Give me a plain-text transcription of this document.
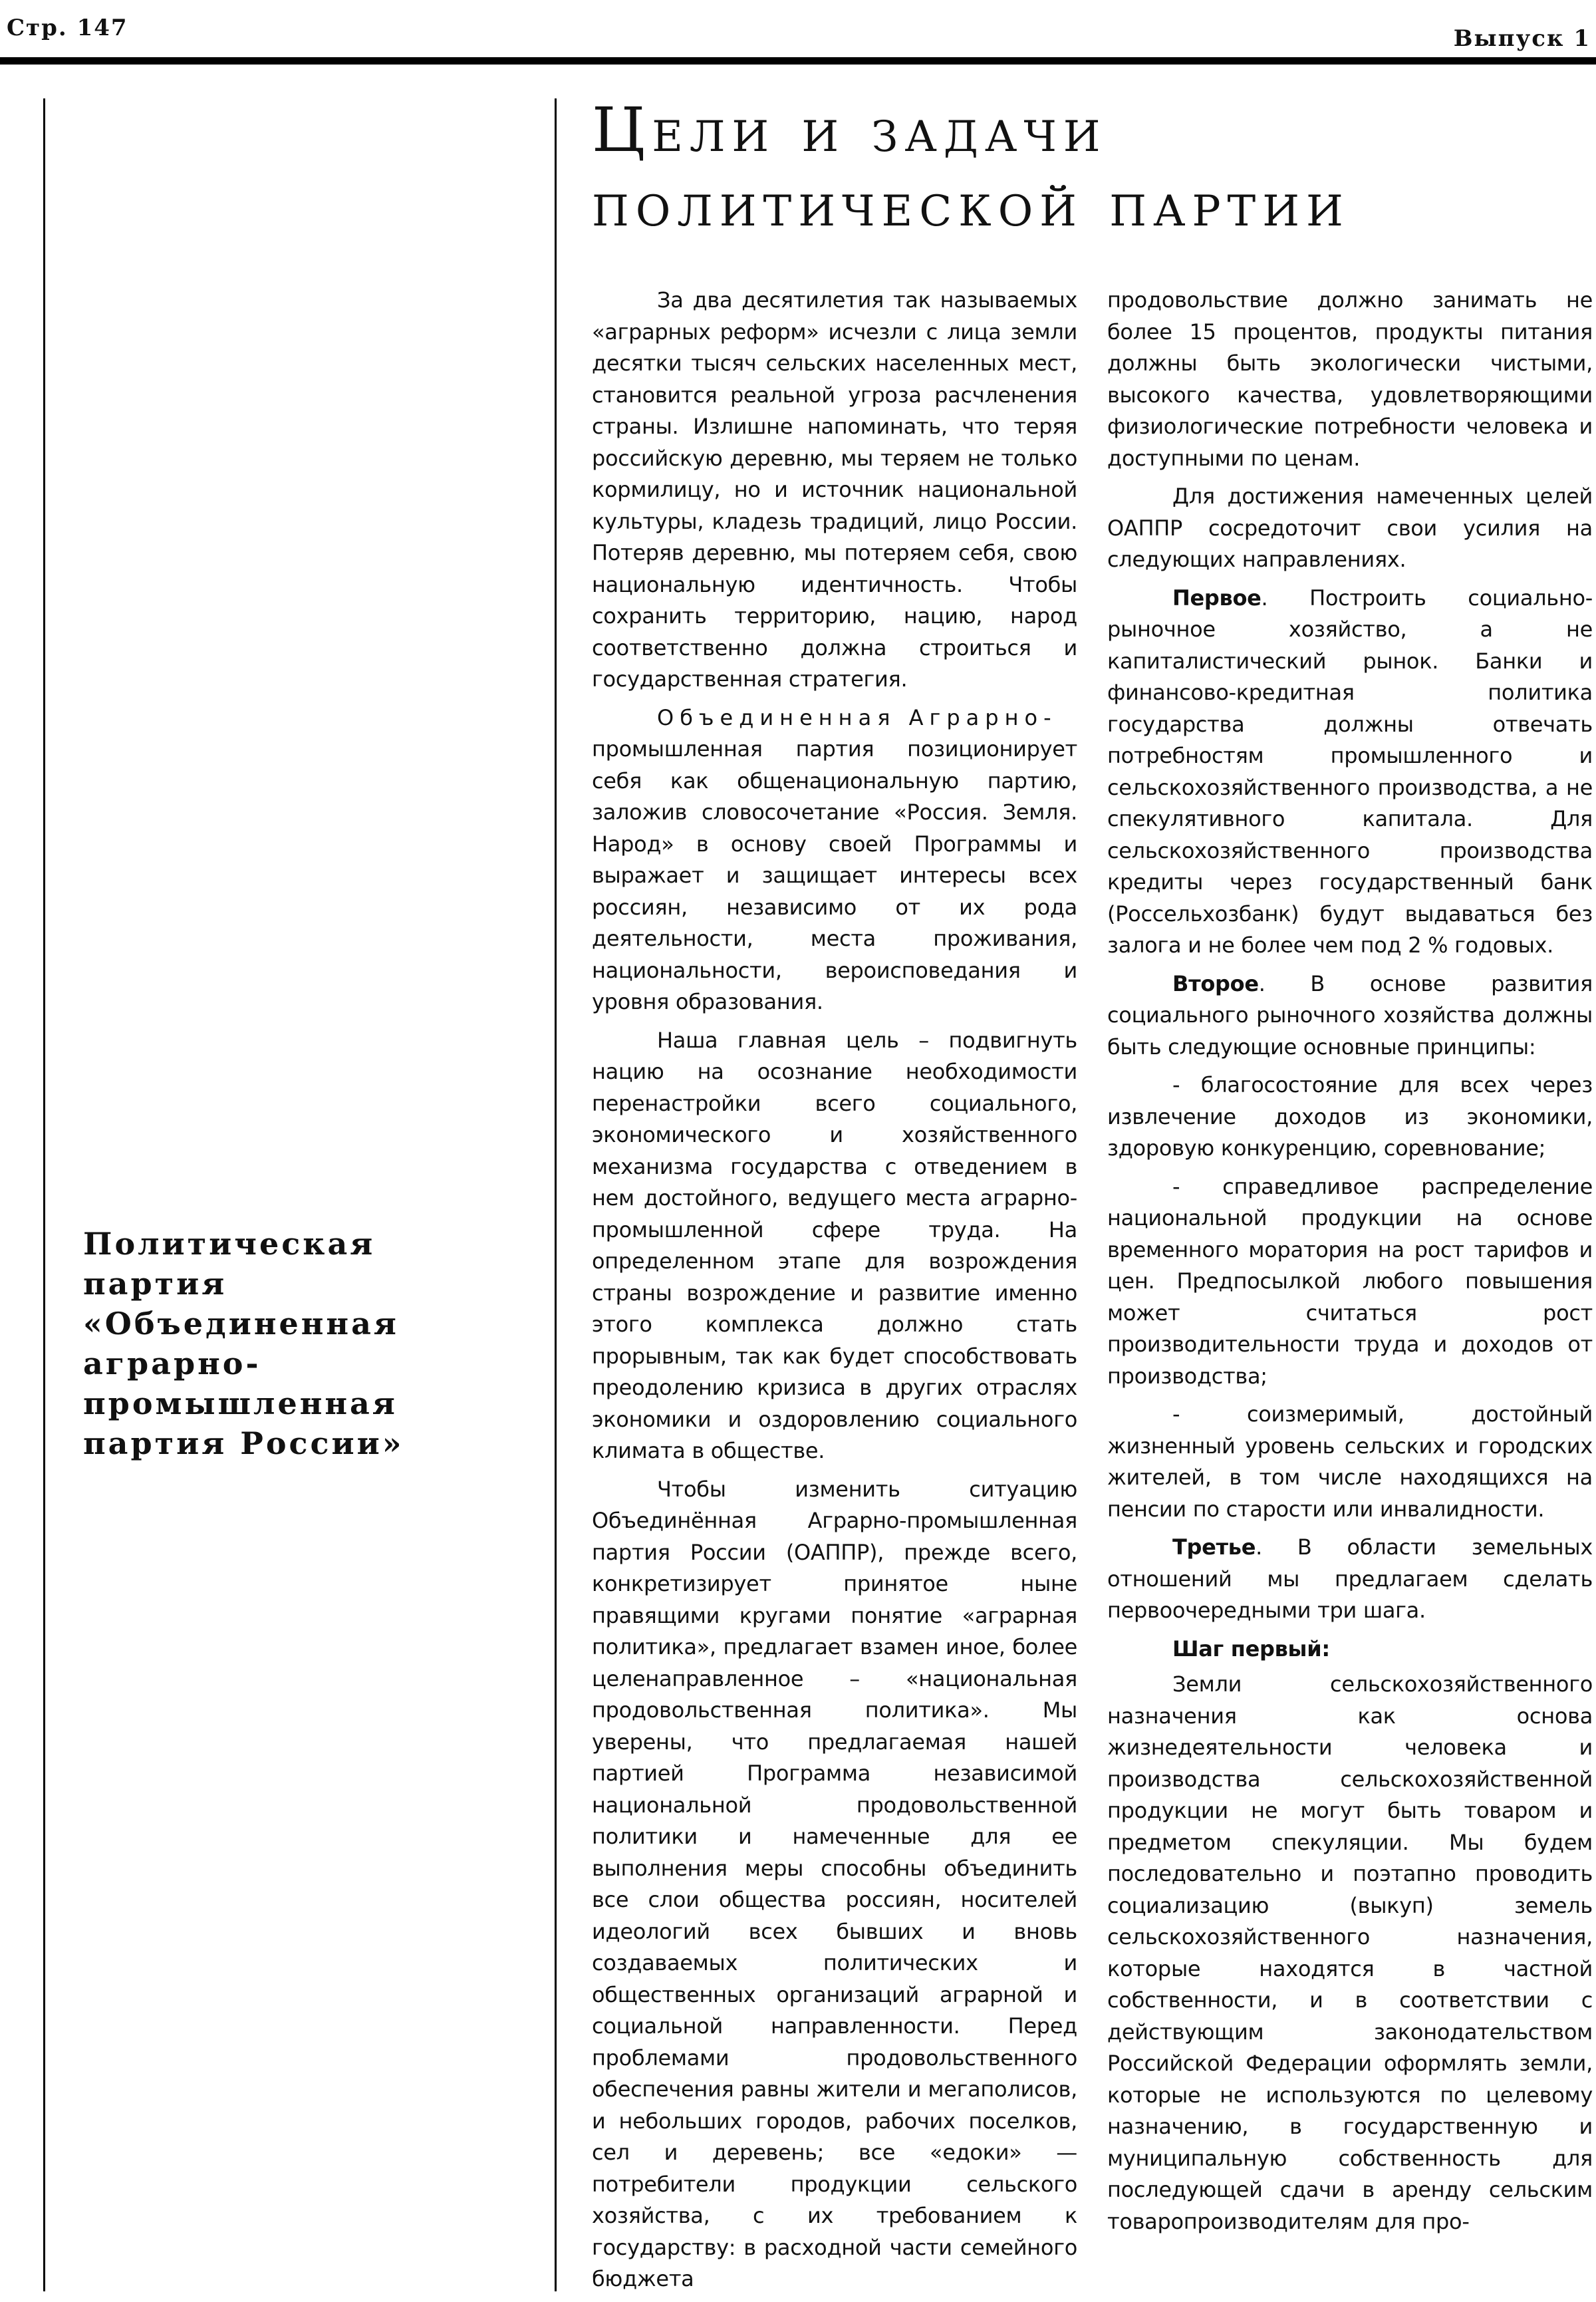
Стр. 147	Выпуск 1
Цели и задачи
политической партии
Политическая
партия
«Объединенная
аграрно-
промышленная
партия России»

За два десятилетия так называемых «аграрных реформ» исчезли с лица земли десятки тысяч сельских населенных мест, становится реальной угроза расчленения страны. Излишне напоминать, что теряя российскую деревню, мы теряем не только кормилицу, но и источник национальной культуры, кладезь традиций, лицо России. Потеряв деревню, мы потеряем себя, свою национальную идентичность. Чтобы сохранить территорию, нацию, народ соответственно должна строиться и государственная стратегия.

Объединенная Аграрно-

промышленная партия позиционирует себя как общенациональную партию, заложив словосочетание «Россия. Земля. Народ» в основу своей Программы и выражает и защищает интересы всех россиян, независимо от их рода деятельности, места проживания, национальности, вероисповедания и уровня образования.

Наша главная цель – подвигнуть нацию на осознание необходимости перенастройки всего социального, экономического и хозяйственного механизма государства с отведением в нем достойного, ведущего места аграрно-промышленной сфере труда. На определенном этапе для возрождения страны возрождение и развитие именно этого комплекса должно стать прорывным, так как будет способствовать преодолению кризиса в других отраслях экономики и оздоровлению социального климата в обществе.

Чтобы изменить ситуацию Объединённая Аграрно-промышленная партия России (ОАППР), прежде всего, конкретизирует принятое ныне правящими кругами понятие «аграрная политика», предлагает взамен иное, более целенаправленное – «национальная продовольственная политика». Мы уверены, что предлагаемая нашей партией Программа независимой национальной продовольственной политики и намеченные для ее выполнения меры способны объединить все слои общества россиян, носителей идеологий всех бывших и вновь создаваемых политических и общественных организаций аграрной и социальной направленности. Перед проблемами продовольственного обеспечения равны жители и мегаполисов, и небольших городов, рабочих поселков, сел и деревень; все «едоки» — потребители продукции сельского хозяйства, с их требованием к государству: в расходной части семейного бюджета

продовольствие должно занимать не более 15 процентов, продукты питания должны быть экологически чистыми, высокого качества, удовлетворяющими физиологические потребности человека и доступными по ценам.

Для достижения намеченных целей ОАППР сосредоточит свои усилия на следующих направлениях.

Первое. Построить социально-рыночное хозяйство, а не капиталистический рынок. Банки и финансово-кредитная политика государства должны отвечать потребностям промышленного и сельскохозяйственного производства, а не спекулятивного капитала. Для сельскохозяйственного производства кредиты через государственный банк (Россельхозбанк) будут выдаваться без залога и не более чем под 2 % годовых.

Второе. В основе развития социального рыночного хозяйства должны быть следующие основные принципы:

- благосостояние для всех через извлечение доходов из экономики, здоровую конкуренцию, соревнование;

- справедливое распределение национальной продукции на основе временного моратория на рост тарифов и цен. Предпосылкой любого повышения может считаться рост производительности труда и доходов от производства;

- соизмеримый, достойный жизненный уровень сельских и городских жителей, в том числе находящихся на пенсии по старости или инвалидности.

Третье. В области земельных отношений мы предлагаем сделать первоочередными три шага.

Шаг первый:

Земли сельскохозяйственного назначения как основа жизнедеятельности человека и производства сельскохозяйственной продукции не могут быть товаром и предметом спекуляции. Мы будем последовательно и поэтапно проводить социализацию (выкуп) земель сельскохозяйственного назначения, которые находятся в частной собственности, и в соответствии с действующим законодательством Российской Федерации оформлять земли, которые не используются по целевому назначению, в государственную и муниципальную собственность для последующей сдачи в аренду сельским товаропроизводителям для про-
